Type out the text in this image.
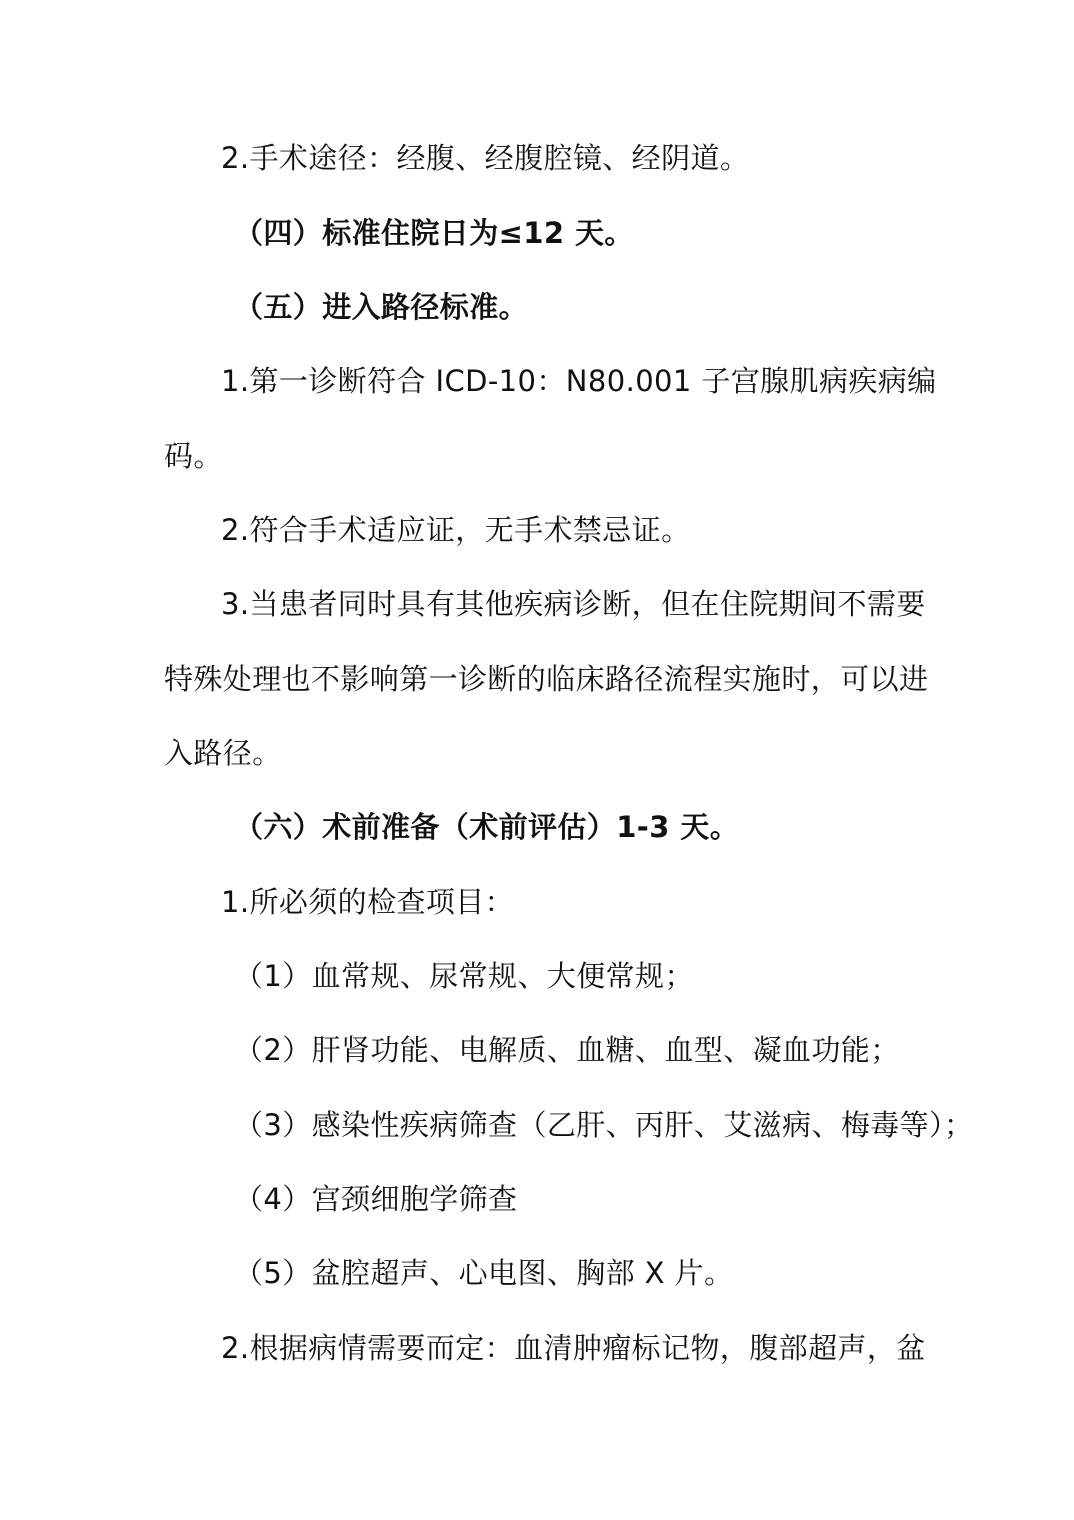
2.手术途径：经腹、经腹腔镜、经阴道。
（四）标准住院日为≤12 天。
（五）进入路径标准。
1.第一诊断符合 ICD-10：N80.001 子宫腺肌病疾病编
码。
2.符合手术适应证，无手术禁忌证。
3.当患者同时具有其他疾病诊断，但在住院期间不需要
特殊处理也不影响第一诊断的临床路径流程实施时，可以进
入路径。
（六）术前准备（术前评估）1-3 天。
1.所必须的检查项目：
（1）血常规、尿常规、大便常规；
（2）肝肾功能、电解质、血糖、血型、凝血功能；
（3）感染性疾病筛查（乙肝、丙肝、艾滋病、梅毒等）；
（4）宫颈细胞学筛查
（5）盆腔超声、心电图、胸部 X 片。
2.根据病情需要而定：血清肿瘤标记物，腹部超声，盆
